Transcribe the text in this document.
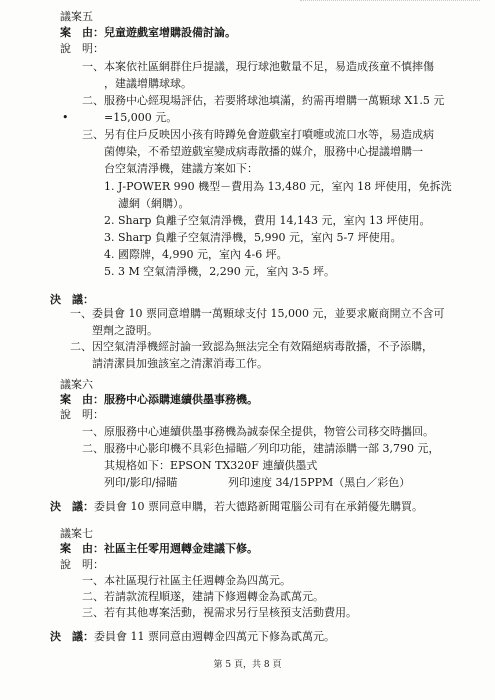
議案五
案　由：兒童遊戲室增購設備討論。
說　明：
一、本案依社區網群住戶提議，現行球池數量不足，易造成孩童不慎摔傷
，建議增購球球。
二、服務中心經現場評估，若要將球池填滿，約需再增購一萬顆球 X1.5 元
•	=15,000 元。
三、另有住戶反映因小孩有時蹲免會遊戲室打噴嚏或流口水等，易造成病
菌傳染，不希望遊戲室變成病毒散播的媒介，服務中心提議增購一
台空氣清淨機，建議方案如下：
1. J-POWER 990 機型－費用為 13,480 元，室內 18 坪使用，免拆洗
濾網（網購）。
2. Sharp 負離子空氣清淨機，費用 14,143 元，室內 13 坪使用。
3. Sharp 負離子空氣清淨機，5,990 元，室內 5-7 坪使用。
4. 國際牌，4,990 元，室內 4-6 坪。
5. 3 M 空氣清淨機，2,290 元，室內 3-5 坪。
決　議：
一、委員會 10 票同意增購一萬顆球支付 15,000 元，並要求廠商開立不含可
塑劑之證明。
二、因空氣清淨機經討論一致認為無法完全有效隔絕病毒散播，不予添購，
請清潔員加強該室之清潔消毒工作。
議案六
案　由：服務中心添購連續供墨事務機。
說　明：
一、原服務中心連續供墨事務機為誠泰保全提供，物管公司移交時攜回。
二、服務中心影印機不具彩色掃瞄／列印功能，建請添購一部 3,790 元，
其規格如下：EPSON TX320F 連續供墨式
列印/影印/掃瞄	列印速度 34/15PPM（黑白／彩色）
決　議：委員會 10 票同意申購，若大德路新聞電腦公司有在承銷優先購買。
議案七
案　由：社區主任零用週轉金建議下修。
說　明：
一、本社區現行社區主任週轉金為四萬元。
二、若請款流程順遂，建請下修週轉金為貳萬元。
三、若有其他專案活動，視需求另行呈核預支活動費用。
決　議：委員會 11 票同意由週轉金四萬元下修為貳萬元。
第 5 頁，共 8 頁
